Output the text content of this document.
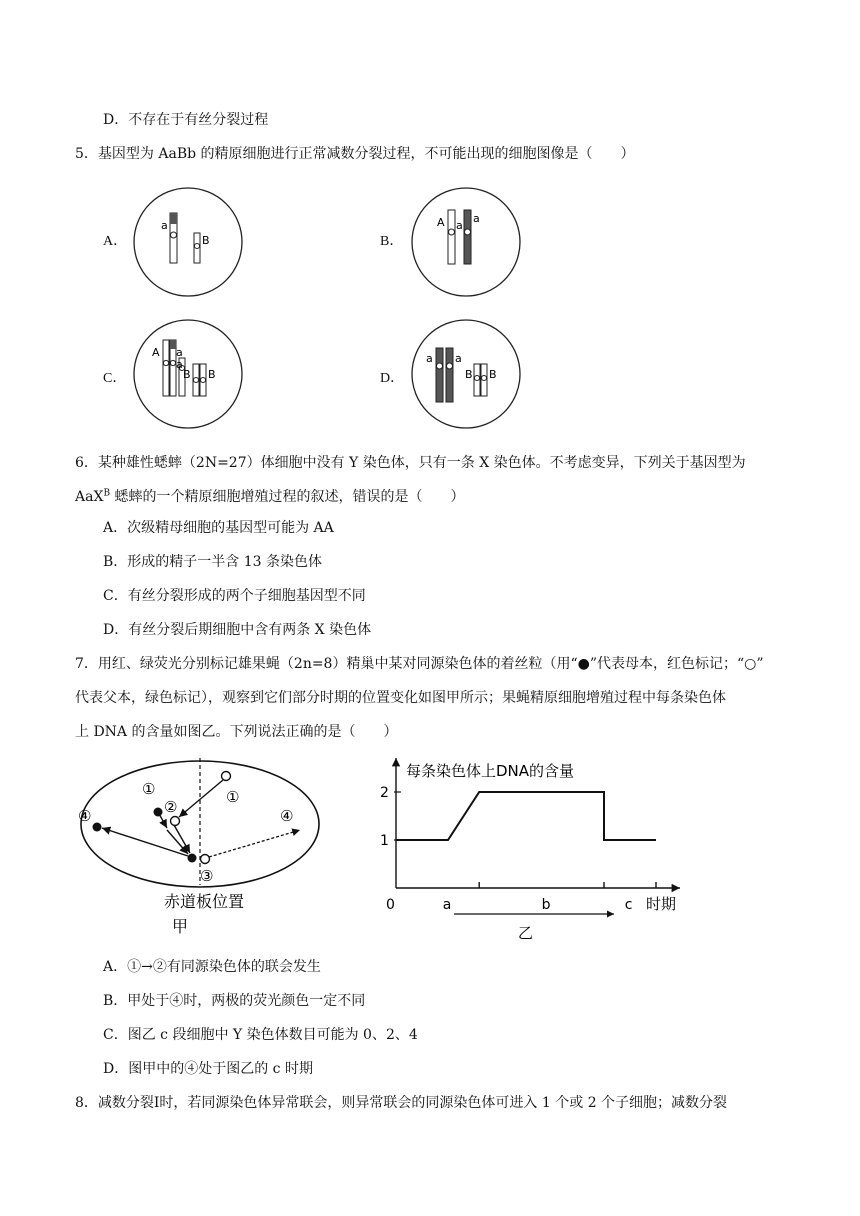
D．不存在于有丝分裂过程
5．基因型为 AaBb 的精原细胞进行正常减数分裂过程，不可能出现的细胞图像是（　　）
A．
a
B	B．
A a
a
C．
A a
a
B B	D．
a a
B B
6．某种雄性蟋蟀（2N=27）体细胞中没有 Y 染色体，只有一条 X 染色体。不考虑变异，下列关于基因型为
AaX$^B$ 蟋蟀的一个精原细胞增殖过程的叙述，错误的是（　　）
A．次级精母细胞的基因型可能为 AA
B．形成的精子一半含 13 条染色体
C．有丝分裂形成的两个子细胞基因型不同
D．有丝分裂后期细胞中含有两条 X 染色体
7．用红、绿荧光分别标记雄果蝇（2n=8）精巢中某对同源染色体的着丝粒（用“●”代表母本，红色标记；“○”
代表父本，绿色标记），观察到它们部分时期的位置变化如图甲所示；果蝇精原细胞增殖过程中每条染色体
上 DNA 的含量如图乙。下列说法正确的是（　　）
①
②
③
④
①
④
赤道板位置
甲
每条染色体上DNA的含量
时期
乙
1
2
0	a	b	c
A．①→②有同源染色体的联会发生
B．甲处于④时，两极的荧光颜色一定不同
C．图乙 c 段细胞中 Y 染色体数目可能为 0、2、4
D．图甲中的④处于图乙的 c 时期
8．减数分裂Ⅰ时，若同源染色体异常联会，则异常联会的同源染色体可进入 1 个或 2 个子细胞；减数分裂
